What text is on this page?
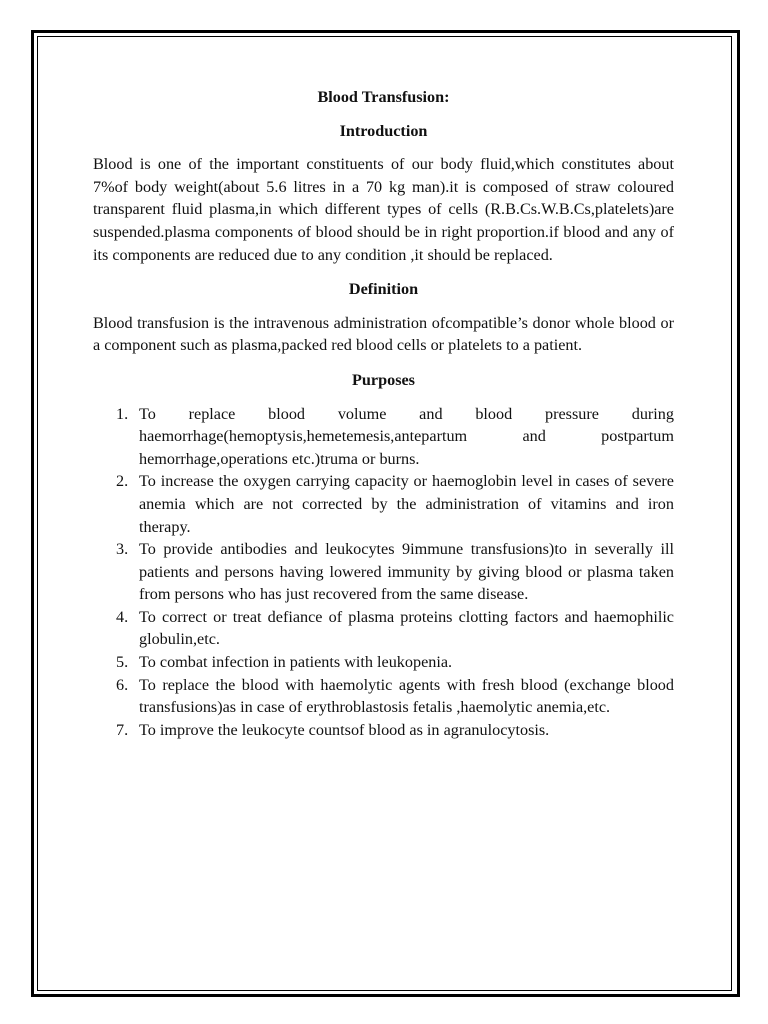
Blood Transfusion:

Introduction

Blood is one of the important constituents of our body fluid,which constitutes about 7%of body weight(about 5.6 litres in a 70 kg man).it is composed of straw coloured transparent fluid plasma,in which different types of cells (R.B.Cs.W.B.Cs,platelets)are suspended.plasma components of blood should be in right proportion.if blood and any of its components are reduced due to any condition ,it should be replaced.

Definition

Blood transfusion is the intravenous administration ofcompatible’s donor whole blood or a component such as plasma,packed red blood cells or platelets to a patient.

Purposes

1. To replace blood volume and blood pressure during haemorrhage(hemoptysis,hemetemesis,antepartum and postpartum hemorrhage,operations etc.)truma or burns.
2. To increase the oxygen carrying capacity or haemoglobin level in cases of severe anemia which are not corrected by the administration of vitamins and iron therapy.
3. To provide antibodies and leukocytes 9immune transfusions)to in severally ill patients and persons having lowered immunity by giving blood or plasma taken from persons who has just recovered from the same disease.
4. To correct or treat defiance of plasma proteins clotting factors and haemophilic globulin,etc.
5. To combat infection in patients with leukopenia.
6. To replace the blood with haemolytic agents with fresh blood (exchange blood transfusions)as in case of erythroblastosis fetalis ,haemolytic anemia,etc.
7. To improve the leukocyte countsof blood as in agranulocytosis.
